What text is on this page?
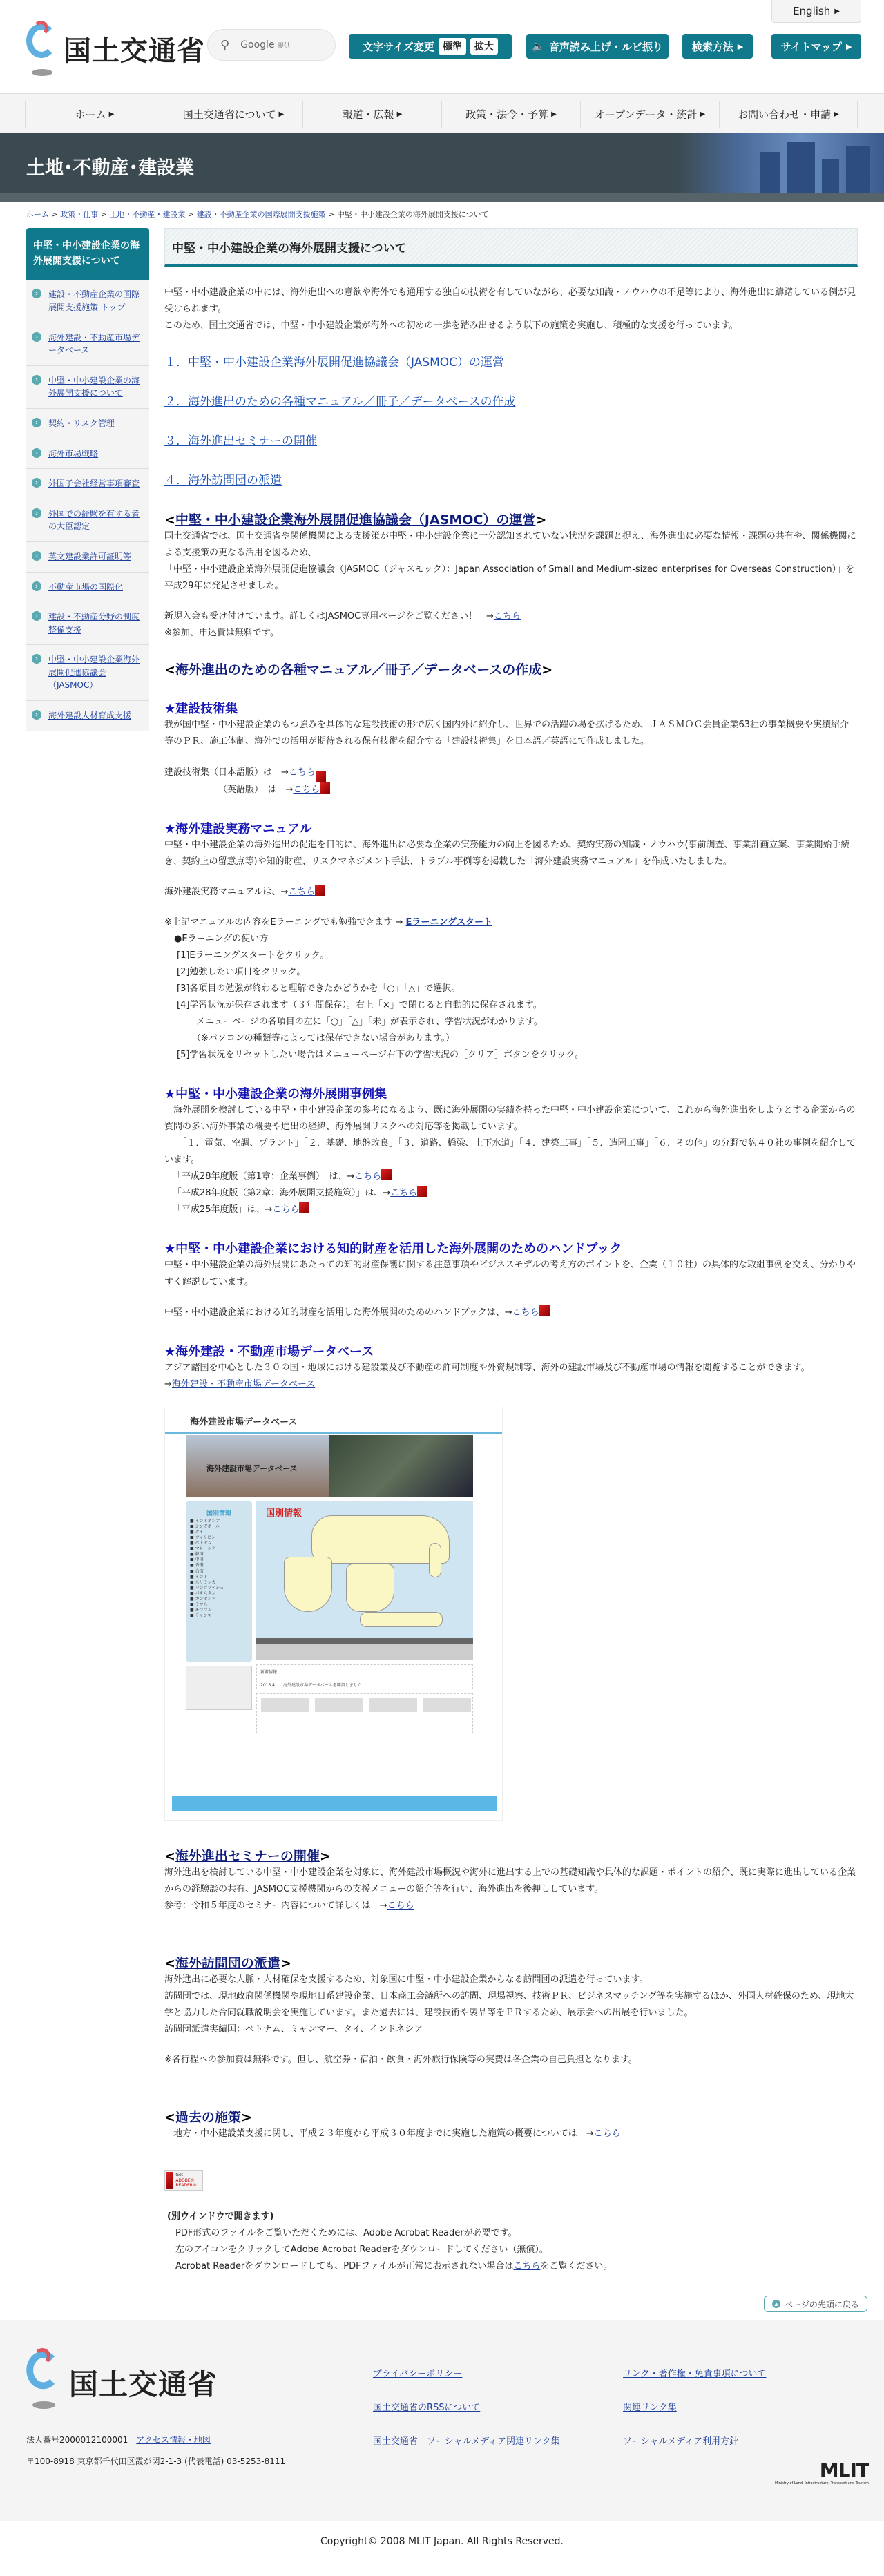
国土交通省 ⚲ Google 提供	文字サイズ変更 標準	拡大	🔈 音声読み上げ・ルビ振り	検索方法 ▶	サイトマップ ▶
English ▶
ホーム ▶	国土交通省について ▶	報道・広報 ▶	政策・法令・予算 ▶	オープンデータ・統計 ▶	お問い合わせ・申請 ▶
土地･不動産･建設業
ホーム > 政策・仕事 > 土地・不動産・建設業 > 建設・不動産企業の国際展開支援施策 > 中堅・中小建設企業の海外展開支援について
中堅・中小建設企業の海外展開支援について
› 建設・不動産企業の国際展開支援施策 トップ
› 海外建設・不動産市場データベース
› 中堅・中小建設企業の海外展開支援について
› 契約・リスク管理
› 海外市場戦略
› 外国子会社経営事項審査
› 外国での経験を有する者の大臣認定
› 英文建設業許可証明等
› 不動産市場の国際化
› 建設・不動産分野の制度整備支援
› 中堅・中小建設企業海外展開促進協議会（JASMOC）
› 海外建設人材育成支援
中堅・中小建設企業の海外展開支援について

中堅・中小建設企業の中には、海外進出への意欲や海外でも通用する独自の技術を有していながら、必要な知識・ノウハウの不足等により、海外進出に躊躇している例が見受けられます。

このため、国土交通省では、中堅・中小建設企業が海外への初めの一歩を踏み出せるよう以下の施策を実施し、積極的な支援を行っています。

１．中堅・中小建設企業海外展開促進協議会（JASMOC）の運営
２．海外進出のための各種マニュアル／冊子／データベースの作成
３．海外進出セミナーの開催
４．海外訪問団の派遣
<中堅・中小建設企業海外展開促進協議会（JASMOC）の運営>

国土交通省では、国土交通省や関係機関による支援策が中堅・中小建設企業に十分認知されていない状況を課題と捉え、海外進出に必要な情報・課題の共有や、関係機関による支援策の更なる活用を図るため、

「中堅・中小建設企業海外展開促進協議会（JASMOC（ジャスモック）：Japan Association of Small and Medium-sized enterprises for Overseas Construction）」を平成29年に発足させました。

新規入会も受け付けています。詳しくはJASMOC専用ページをご覧ください！　→こちら

※参加、申込費は無料です。

<海外進出のための各種マニュアル／冊子／データベースの作成>
★建設技術集

我が国中堅・中小建設企業のもつ強みを具体的な建設技術の形で広く国内外に紹介し、世界での活躍の場を拡げるため、ＪＡＳＭＯＣ会員企業63社の事業概要や実績紹介等のＰＲ、施工体制、海外での活用が期待される保有技術を紹介する「建設技術集」を日本語／英語にて作成しました。

建設技術集（日本語版）は　→こちら

（英語版）　は　→こちら

★海外建設実務マニュアル

中堅・中小建設企業の海外進出の促進を目的に、海外進出に必要な企業の実務能力の向上を図るため、契約実務の知識・ノウハウ(事前調査、事業計画立案、事業開始手続き、契約上の留意点等)や知的財産、リスクマネジメント手法、トラブル事例等を掲載した「海外建設実務マニュアル」を作成いたしました。

海外建設実務マニュアルは、→こちら

※上記マニュアルの内容をEラーニングでも勉強できます → Eラーニングスタート

●Eラーニングの使い方

[1]Eラーニングスタートをクリック。

[2]勉強したい項目をクリック。

[3]各項目の勉強が終わると理解できたかどうかを「○」「△」で選択。

[4]学習状況が保存されます（３年間保存）。右上「×」で閉じると自動的に保存されます。

メニューページの各項目の左に「○」「△」「未」が表示され、学習状況がわかります。

（※パソコンの種類等によっては保存できない場合があります。）

[5]学習状況をリセットしたい場合はメニューページ右下の学習状況の［クリア］ボタンをクリック。

★中堅・中小建設企業の海外展開事例集

　海外展開を検討している中堅・中小建設企業の参考になるよう、既に海外展開の実績を持った中堅・中小建設企業について、これから海外進出をしようとする企業からの質問の多い海外事業の概要や進出の経緯、海外展開リスクへの対応等を掲載しています。

　　「１．電気、空調、プラント」「２．基礎、地盤改良」「３．道路、橋梁、上下水道」「４．建築工事」「５．造園工事」「６．その他」の分野で約４０社の事例を紹介しています。

「平成28年度版（第1章：企業事例）」は、→こちら

「平成28年度版（第2章：海外展開支援施策）」は、→こちら

「平成25年度版」は、→こちら

★中堅・中小建設企業における知的財産を活用した海外展開のためのハンドブック

中堅・中小建設企業の海外展開にあたっての知的財産保護に関する注意事項やビジネスモデルの考え方のポイントを、企業（１０社）の具体的な取組事例を交え、分かりやすく解説しています。

中堅・中小建設企業における知的財産を活用した海外展開のためのハンドブックは、→こちら

★海外建設・不動産市場データベース

アジア諸国を中心とした３０の国・地域における建設業及び不動産の許可制度や外資規制等、海外の建設市場及び不動産市場の情報を閲覧することができます。

→海外建設・不動産市場データベース

海外建設市場データベース
海外建設市場データベース
国別情報
■ インドネシア
■ シンガポール
■ タイ
■ フィリピン
■ ベトナム
■ マレーシア
■ 韓国
■ 中国
■ 香港
■ 台湾
■ インド
■ スリランカ
■ バングラデシュ
■ パキスタン
■ カンボジア
■ ラオス
■ モンゴル
■ ミャンマー
国別情報
新着情報
2013.4　　 海外建設市場データベースを開設しました
<海外進出セミナーの開催>

海外進出を検討している中堅・中小建設企業を対象に、海外建設市場概況や海外に進出する上での基礎知識や具体的な課題・ポイントの紹介、既に実際に進出している企業からの経験談の共有、JASMOC支援機関からの支援メニューの紹介等を行い、海外進出を後押ししています。

参考：令和５年度のセミナー内容について詳しくは　→こちら

<海外訪問団の派遣>

海外進出に必要な人脈・人材確保を支援するため、対象国に中堅・中小建設企業からなる訪問団の派遣を行っています。

訪問団では、現地政府関係機関や現地日系建設企業、日本商工会議所への訪問、現場視察、技術ＰＲ、ビジネスマッチング等を実施するほか、外国人材確保のため、現地大学と協力した合同就職説明会を実施しています。また過去には、建設技術や製品等をＰＲするため、展示会への出展を行いました。

訪問団派遣実績国：ベトナム、ミャンマー、タイ、インドネシア

※各行程への参加費は無料です。但し、航空券・宿泊・飲食・海外旅行保険等の実費は各企業の自己負担となります。

<過去の施策>

　地方・中小建設業支援に関し、平成２３年度から平成３０年度までに実施した施策の概要については　→こちら

Get
ADOBE® READER®

(別ウインドウで開きます)

PDF形式のファイルをご覧いただくためには、Adobe Acrobat Readerが必要です。

左のアイコンをクリックしてAdobe Acrobat Readerをダウンロードしてください（無償）。

Acrobat Readerをダウンロードしても、PDFファイルが正常に表示されない場合はこちらをご覧ください。

▲ ページの先頭に戻る
国土交通省
法人番号2000012100001　 アクセス情報・地図
〒100-8918 東京都千代田区霞が関2-1-3 (代表電話) 03-5253-8111
プライバシーポリシー	リンク・著作権・免責事項について
国土交通省のRSSについて	関連リンク集
国土交通省　ソーシャルメディア関連リンク集	ソーシャルメディア利用方針
MLIT
Ministry of Land, Infrastructure, Transport and Tourism
Copyright© 2008 MLIT Japan. All Rights Reserved.
